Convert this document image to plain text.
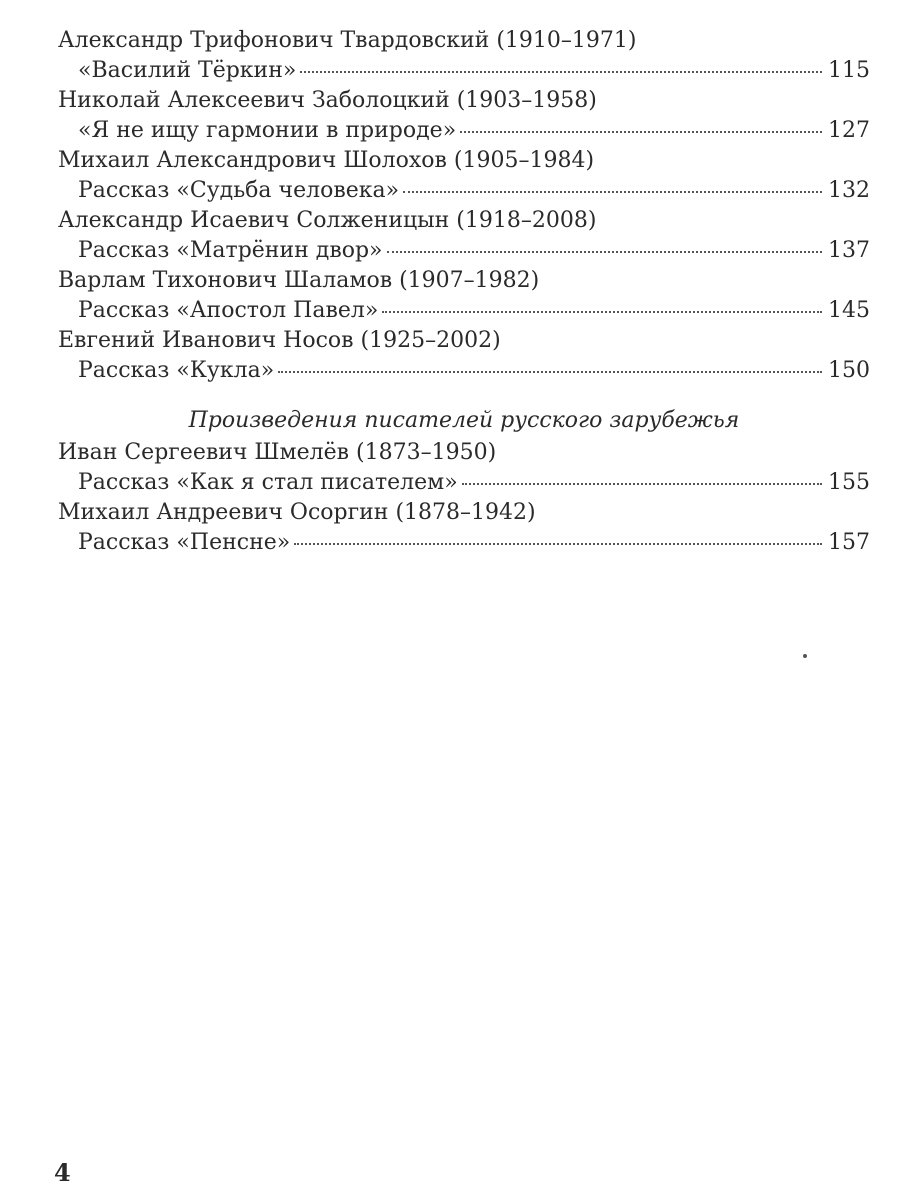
Александр Трифонович Твардовский (1910–1971)
«Василий Тёркин»	115
Николай Алексеевич Заболоцкий (1903–1958)
«Я не ищу гармонии в природе»	127
Михаил Александрович Шолохов (1905–1984)
Рассказ «Судьба человека»	132
Александр Исаевич Солженицын (1918–2008)
Рассказ «Матрёнин двор»	137
Варлам Тихонович Шаламов (1907–1982)
Рассказ «Апостол Павел»	145
Евгений Иванович Носов (1925–2002)
Рассказ «Кукла»	150
Произведения писателей русского зарубежья
Иван Сергеевич Шмелёв (1873–1950)
Рассказ «Как я стал писателем»	155
Михаил Андреевич Осоргин (1878–1942)
Рассказ «Пенсне»	157
4
